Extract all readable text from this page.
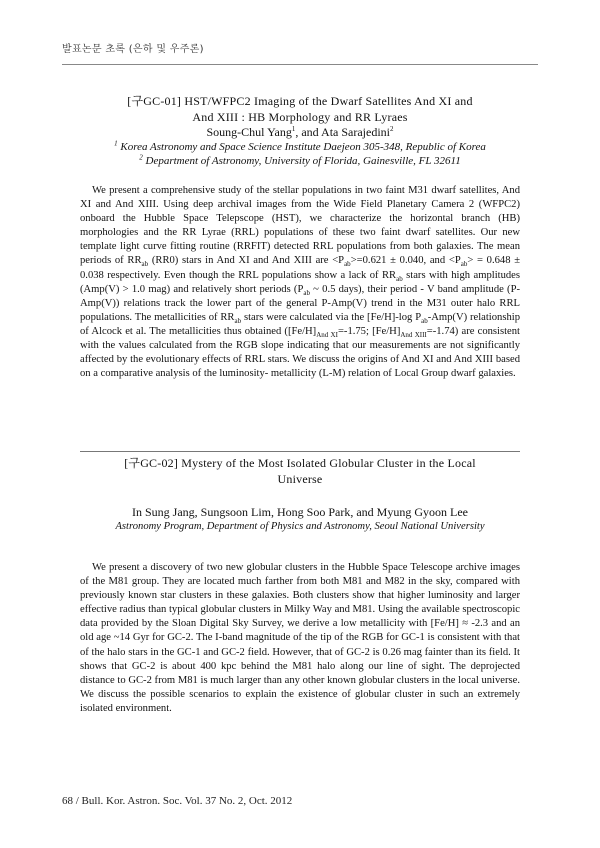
발표논문 초록 (은하 및 우주론)
[구GC-01] HST/WFPC2 Imaging of the Dwarf Satellites And XI and
And XIII : HB Morphology and RR Lyraes
Soung-Chul Yang$^1$, and Ata Sarajedini$^2$
$^1$ Korea Astronomy and Space Science Institute Daejeon 305-348, Republic of Korea
$^2$ Department of Astronomy, University of Florida, Gainesville, FL 32611
We present a comprehensive study of the stellar populations in two faint M31 dwarf satellites, And XI and And XIII. Using deep archival images from the Wide Field Planetary Camera 2 (WFPC2) onboard the Hubble Space Telepscope (HST), we characterize the horizontal branch (HB) morphologies and the RR Lyrae (RRL) populations of these two faint dwarf satellites. Our new template light curve fitting routine (RRFIT) detected RRL populations from both galaxies. The mean periods of $RR_{ab}$ (RR0) stars in And XI and And XIII are $<P_{ab}>=0.621 \pm 0.040$, and $<P_{ab}> = 0.648 \pm 0.038$ respectively. Even though the RRL populations show a lack of $RR_{ab}$ stars with high amplitudes (Amp(V) > 1.0 mag) and relatively short periods ($P_{ab}$ ~ 0.5 days), their period - V band amplitude (P-Amp(V)) relations track the lower part of the general P-Amp(V) trend in the M31 outer halo RRL populations. The metallicities of $RR_{ab}$ stars were calculated via the [Fe/H]-log $P_{ab}-Amp(V)$ relationship of Alcock et al. The metallicities thus obtained ($[Fe/H]_{And XI}=-1.75$; $[Fe/H]_{And XIII}=-1.74$) are consistent with the values calculated from the RGB slope indicating that our measurements are not significantly affected by the evolutionary effects of RRL stars. We discuss the origins of And XI and And XIII based on a comparative analysis of the luminosity- metallicity (L-M) relation of Local Group dwarf galaxies.
[구GC-02] Mystery of the Most Isolated Globular Cluster in the Local
Universe
In Sung Jang, Sungsoon Lim, Hong Soo Park, and Myung Gyoon Lee
Astronomy Program, Department of Physics and Astronomy, Seoul National University
We present a discovery of two new globular clusters in the Hubble Space Telescope archive images of the M81 group. They are located much farther from both M81 and M82 in the sky, compared with previously known star clusters in these galaxies. Both clusters show that higher luminosity and larger effective radius than typical globular clusters in Milky Way and M81. Using the available spectroscopic data provided by the Sloan Digital Sky Survey, we derive a low metallicity with [Fe/H] ≈ -2.3 and an old age ~14 Gyr for GC-2. The I-band magnitude of the tip of the RGB for GC-1 is consistent with that of the halo stars in the GC-1 and GC-2 field. However, that of GC-2 is 0.26 mag fainter than its field. It shows that GC-2 is about 400 kpc behind the M81 halo along our line of sight. The deprojected distance to GC-2 from M81 is much larger than any other known globular clusters in the local universe. We discuss the possible scenarios to explain the existence of globular cluster in such an extremely isolated environment.
68 / Bull. Kor. Astron. Soc. Vol. 37 No. 2, Oct. 2012
